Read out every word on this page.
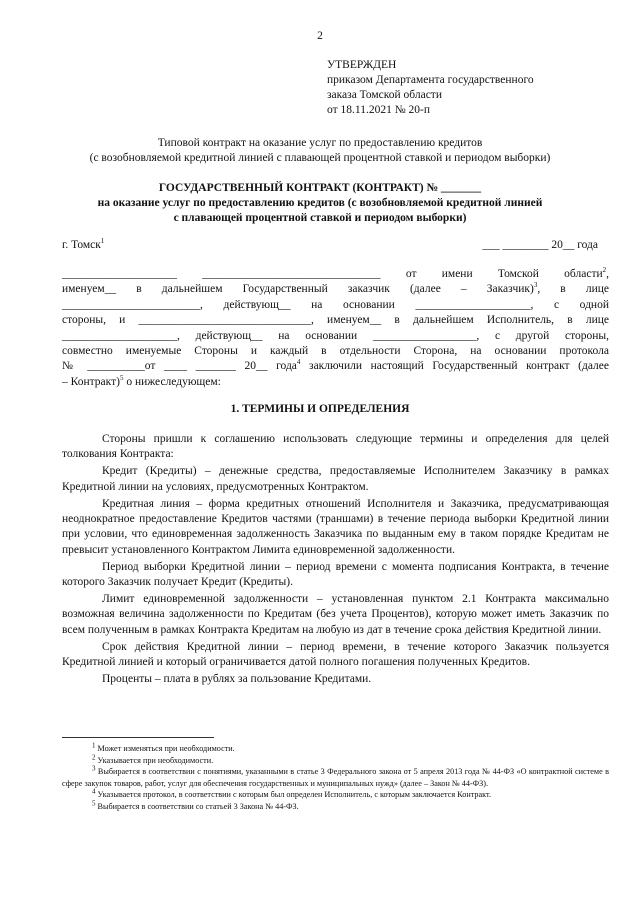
2
УТВЕРЖДЕН
приказом Департамента государственного
заказа Томской области
от 18.11.2021 № 20-п
Типовой контракт на оказание услуг по предоставлению кредитов
(с возобновляемой кредитной линией с плавающей процентной ставкой и периодом выборки)
ГОСУДАРСТВЕННЫЙ КОНТРАКТ (КОНТРАКТ) № _______
на оказание услуг по предоставлению кредитов (с возобновляемой кредитной линией
с плавающей процентной ставкой и периодом выборки)
г. Томск$^1$	___ ________ 20__ года
____________________ _______________________________ от имени Томской области$^2$,
именуем__ в дальнейшем Государственный заказчик (далее – Заказчик)$^3$, в лице
________________________, действующ__ на основании ____________________, с одной
стороны, и ______________________________, именуем__ в дальнейшем Исполнитель, в лице
____________________, действующ__ на основании __________________, с другой стороны,
совместно именуемые Стороны и каждый в отдельности Сторона, на основании протокола
№ __________от ____ _______ 20__ года$^4$ заключили настоящий Государственный контракт (далее
– Контракт)$^5$ о нижеследующем:
1. ТЕРМИНЫ И ОПРЕДЕЛЕНИЯ

Стороны пришли к соглашению использовать следующие термины и определения для целей толкования Контракта:

Кредит (Кредиты) – денежные средства, предоставляемые Исполнителем Заказчику в рамках Кредитной линии на условиях, предусмотренных Контрактом.

Кредитная линия – форма кредитных отношений Исполнителя и Заказчика, предусматривающая неоднократное предоставление Кредитов частями (траншами) в течение периода выборки Кредитной линии при условии, что единовременная задолженность Заказчика по выданным ему в таком порядке Кредитам не превысит установленного Контрактом Лимита единовременной задолженности.

Период выборки Кредитной линии – период времени с момента подписания Контракта, в течение которого Заказчик получает Кредит (Кредиты).

Лимит единовременной задолженности – установленная пунктом 2.1 Контракта максимально возможная величина задолженности по Кредитам (без учета Процентов), которую может иметь Заказчик по всем полученным в рамках Контракта Кредитам на любую из дат в течение срока действия Кредитной линии.

Срок действия Кредитной линии – период времени, в течение которого Заказчик пользуется Кредитной линией и который ограничивается датой полного погашения полученных Кредитов.

Проценты – плата в рублях за пользование Кредитами.

$^1$ Может изменяться при необходимости.

$^2$ Указывается при необходимости.

$^3$ Выбирается в соответствии с понятиями, указанными в статье 3 Федерального закона от 5 апреля 2013 года № 44-ФЗ «О контрактной системе в сфере закупок товаров, работ, услуг для обеспечения государственных и муниципальных нужд» (далее – Закон № 44-ФЗ).

$^4$ Указывается протокол, в соответствии с которым был определен Исполнитель, с которым заключается Контракт.

$^5$ Выбирается в соответствии со статьей 3 Закона № 44-ФЗ.
